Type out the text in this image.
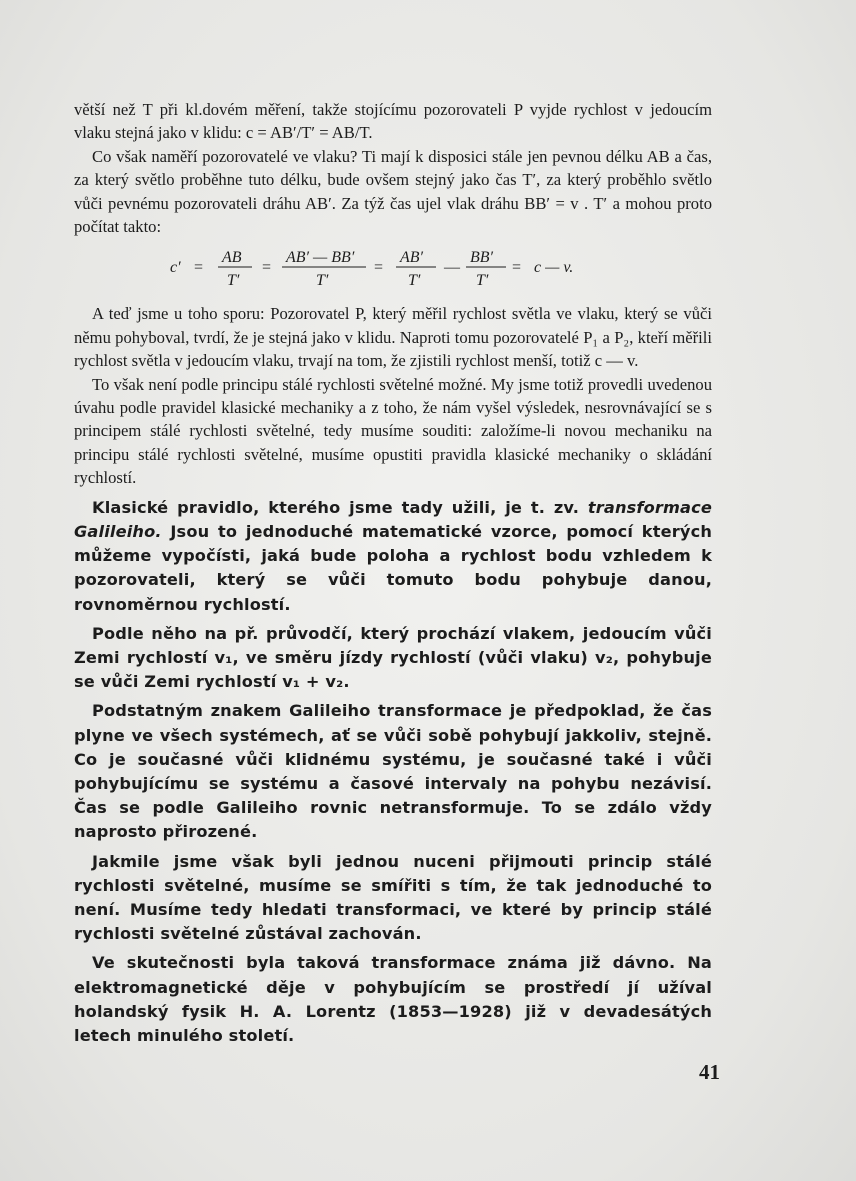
větší než T při kl.dovém měření, takže stojícímu pozorovateli P vyjde rychlost v jedoucím vlaku stejná jako v klidu: c = AB′/T′ = AB/T.

Co však naměří pozorovatelé ve vlaku? Ti mají k disposici stále jen pevnou délku AB a čas, za který světlo proběhne tuto délku, bude ovšem stejný jako čas T′, za který proběhlo světlo vůči pevnému pozorovateli dráhu AB′. Za týž čas ujel vlak dráhu BB′ = v . T′ a mohou proto počítat takto:

c′ =
AB
T′
=
AB′ — BB′
T′
=
AB′
T′
—
BB′
T′
= c — v.

A teď jsme u toho sporu: Pozorovatel P, který měřil rychlost světla ve vlaku, který se vůči němu pohyboval, tvrdí, že je stejná jako v klidu. Naproti tomu pozorovatelé P₁ a P₂, kteří měřili rychlost světla v jedoucím vlaku, trvají na tom, že zjistili rychlost menší, totiž c — v.

To však není podle principu stálé rychlosti světelné možné. My jsme totiž provedli uvedenou úvahu podle pravidel klasické mechaniky a z toho, že nám vyšel výsledek, nesrovnávající se s principem stálé rychlosti světelné, tedy musíme souditi: založíme-li novou mechaniku na principu stálé rychlosti světelné, musíme opustiti pravidla klasické mechaniky o skládání rychlostí.

Klasické pravidlo, kterého jsme tady užili, je t. zv. transformace Galileiho. Jsou to jednoduché matematické vzorce, pomocí kterých můžeme vypočísti, jaká bude poloha a rychlost bodu vzhledem k pozorovateli, který se vůči tomuto bodu pohybuje danou, rovnoměrnou rychlostí.

Podle něho na př. průvodčí, který prochází vlakem, jedoucím vůči Zemi rychlostí v₁, ve směru jízdy rychlostí (vůči vlaku) v₂, pohybuje se vůči Zemi rychlostí v₁ + v₂.

Podstatným znakem Galileiho transformace je předpoklad, že čas plyne ve všech systémech, ať se vůči sobě pohybují jakkoliv, stejně. Co je současné vůči klidnému systému, je současné také i vůči pohybujícímu se systému a časové intervaly na pohybu nezávisí. Čas se podle Galileiho rovnic netransformuje. To se zdálo vždy naprosto přirozené.

Jakmile jsme však byli jednou nuceni přijmouti princip stálé rychlosti světelné, musíme se smířiti s tím, že tak jednoduché to není. Musíme tedy hledati transformaci, ve které by princip stálé rychlosti světelné zůstával zachován.

Ve skutečnosti byla taková transformace známa již dávno. Na elektromagnetické děje v pohybujícím se prostředí jí užíval holandský fysik H. A. Lorentz (1853—1928) již v devadesátých letech minulého století.

41
